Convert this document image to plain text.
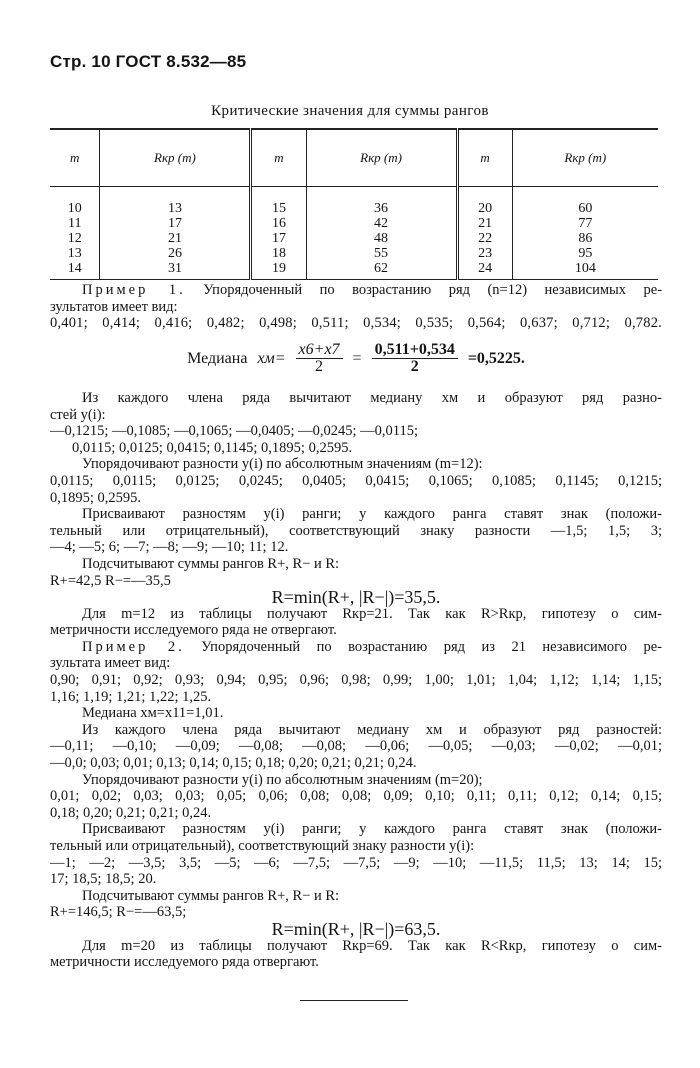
Стр. 10 ГОСТ 8.532—85
Критические значения для суммы рангов
m	Rкр (m)	m	Rкр (m)	m	Rкр (m)
10	13	15	36	20	60
11	17	16	42	21	77
12	21	17	48	22	86
13	26	18	55	23	95
14	31	19	62	24	104

Пример 1. Упорядоченный по возрастанию ряд (n=12) независимых ре-

зультатов имеет вид:

0,401; 0,414; 0,416; 0,482; 0,498; 0,511; 0,534; 0,535; 0,564; 0,637; 0,712; 0,782.

Медиана $xм= \frac{x6+x7}{2} = \frac{0,511+0,534}{2} =0,5225$.

Из каждого члена ряда вычитают медиану xм и образуют ряд разно-

стей y(i):

—0,1215; —0,1085; —0,1065; —0,0405; —0,0245; —0,0115;

0,0115; 0,0125; 0,0415; 0,1145; 0,1895; 0,2595.

Упорядочивают разности y(i) по абсолютным значениям (m=12):

0,0115; 0,0115; 0,0125; 0,0245; 0,0405; 0,0415; 0,1065; 0,1085; 0,1145; 0,1215;

0,1895; 0,2595.

Присваивают разностям y(i) ранги; у каждого ранга ставят знак (положи-

тельный или отрицательный), соответствующий знаку разности —1,5; 1,5; 3;

—4; —5; 6; —7; —8; —9; —10; 11; 12.

Подсчитывают суммы рангов R+, R− и R:

R+=42,5 R−=—35,5

R=min(R+, |R−|)=35,5.

Для m=12 из таблицы получают Rкр=21. Так как R>Rкр, гипотезу о сим-

метричности исследуемого ряда не отвергают.

Пример 2. Упорядоченный по возрастанию ряд из 21 независимого ре-

зультата имеет вид:

0,90; 0,91; 0,92; 0,93; 0,94; 0,95; 0,96; 0,98; 0,99; 1,00; 1,01; 1,04; 1,12; 1,14; 1,15;

1,16; 1,19; 1,21; 1,22; 1,25.

Медиана xм=x11=1,01.

Из каждого члена ряда вычитают медиану xм и образуют ряд разностей:

—0,11; —0,10; —0,09; —0,08; —0,08; —0,06; —0,05; —0,03; —0,02; —0,01;

—0,0; 0,03; 0,01; 0,13; 0,14; 0,15; 0,18; 0,20; 0,21; 0,21; 0,24.

Упорядочивают разности y(i) по абсолютным значениям (m=20);

0,01; 0,02; 0,03; 0,03; 0,05; 0,06; 0,08; 0,08; 0,09; 0,10; 0,11; 0,11; 0,12; 0,14; 0,15;

0,18; 0,20; 0,21; 0,21; 0,24.

Присваивают разностям y(i) ранги; у каждого ранга ставят знак (положи-

тельный или отрицательный), соответствующий знаку разности y(i):

—1; —2; —3,5; 3,5; —5; —6; —7,5; —7,5; —9; —10; —11,5; 11,5; 13; 14; 15;

17; 18,5; 18,5; 20.

Подсчитывают суммы рангов R+, R− и R:

R+=146,5; R−=—63,5;

R=min(R+, |R−|)=63,5.

Для m=20 из таблицы получают Rкр=69. Так как R<Rкр, гипотезу о сим-

метричности исследуемого ряда отвергают.
